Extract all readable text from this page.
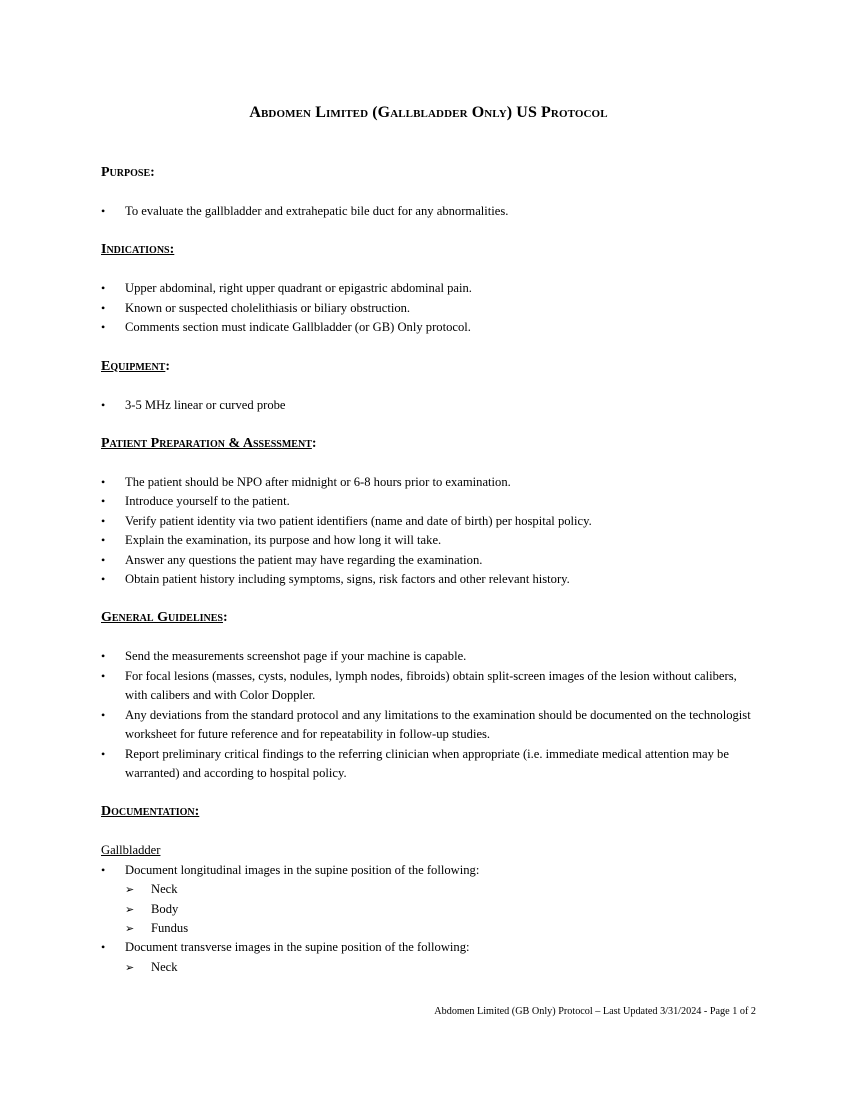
Abdomen Limited (Gallbladder Only) US Protocol

Purpose:

• To evaluate the gallbladder and extrahepatic bile duct for any abnormalities.

Indications:

• Upper abdominal, right upper quadrant or epigastric abdominal pain.
• Known or suspected cholelithiasis or biliary obstruction.
• Comments section must indicate Gallbladder (or GB) Only protocol.

Equipment:

• 3-5 MHz linear or curved probe

Patient Preparation & Assessment:

• The patient should be NPO after midnight or 6-8 hours prior to examination.
• Introduce yourself to the patient.
• Verify patient identity via two patient identifiers (name and date of birth) per hospital policy.
• Explain the examination, its purpose and how long it will take.
• Answer any questions the patient may have regarding the examination.
• Obtain patient history including symptoms, signs, risk factors and other relevant history.

General Guidelines:

• Send the measurements screenshot page if your machine is capable.
• For focal lesions (masses, cysts, nodules, lymph nodes, fibroids) obtain split-screen images of the lesion without calibers, with calibers and with Color Doppler.
• Any deviations from the standard protocol and any limitations to the examination should be documented on the technologist worksheet for future reference and for repeatability in follow-up studies.
• Report preliminary critical findings to the referring clinician when appropriate (i.e. immediate medical attention may be warranted) and according to hospital policy.

Documentation:

Gallbladder
• Document longitudinal images in the supine position of the following:
➢ Neck
➢ Body
➢ Fundus
• Document transverse images in the supine position of the following:
➢ Neck
Abdomen Limited (GB Only) Protocol – Last Updated 3/31/2024 - Page 1 of 2
